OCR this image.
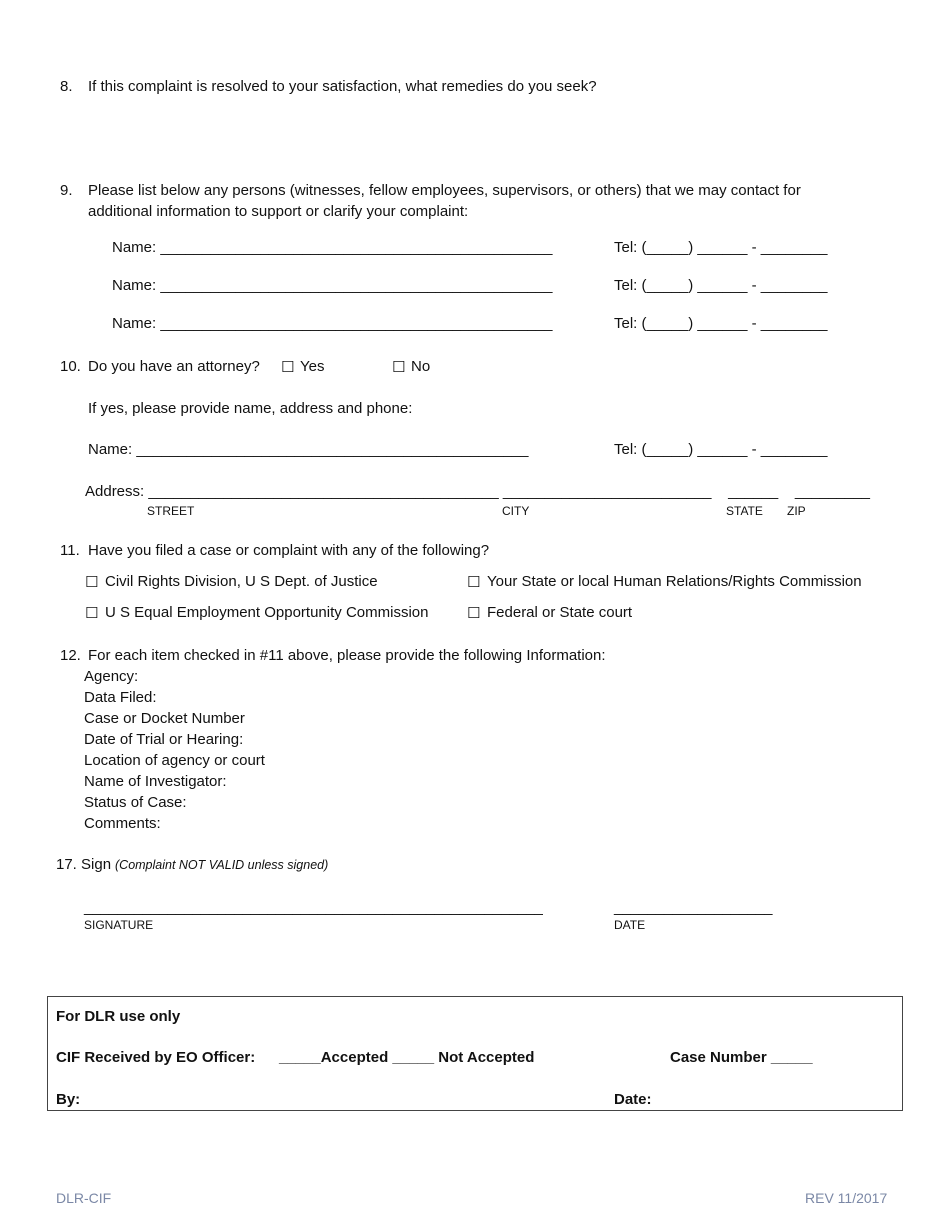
8. If this complaint is resolved to your satisfaction, what remedies do you seek?
9. Please list below any persons (witnesses, fellow employees, supervisors, or others) that we may contact for
additional information to support or clarify your complaint:
Name: _______________________________________________	Tel: (_____) ______ - ________
Name: _______________________________________________	Tel: (_____) ______ - ________
Name: _______________________________________________	Tel: (_____) ______ - ________
10. Do you have an attorney? ☐ Yes	☐ No
If yes, please provide name, address and phone:
Name: _______________________________________________	Tel: (_____) ______ - ________
Address: __________________________________________ _________________________    ______    _________
STREET	CITY	STATE ZIP
11. Have you filed a case or complaint with any of the following?
☐ Civil Rights Division, U S Dept. of Justice	☐ Your State or local Human Relations/Rights Commission
☐ U S Equal Employment Opportunity Commission	☐ Federal or State court
12. For each item checked in #11 above, please provide the following Information:
Agency:
Data Filed:
Case or Docket Number
Date of Trial or Hearing:
Location of agency or court
Name of Investigator:
Status of Case:
Comments:
17. Sign (Complaint NOT VALID unless signed)
_______________________________________________________
SIGNATURE
___________________
DATE
For DLR use only
CIF Received by EO Officer: _____Accepted _____ Not Accepted	Case Number _____
By:	Date:
DLR-CIF	REV 11/2017
